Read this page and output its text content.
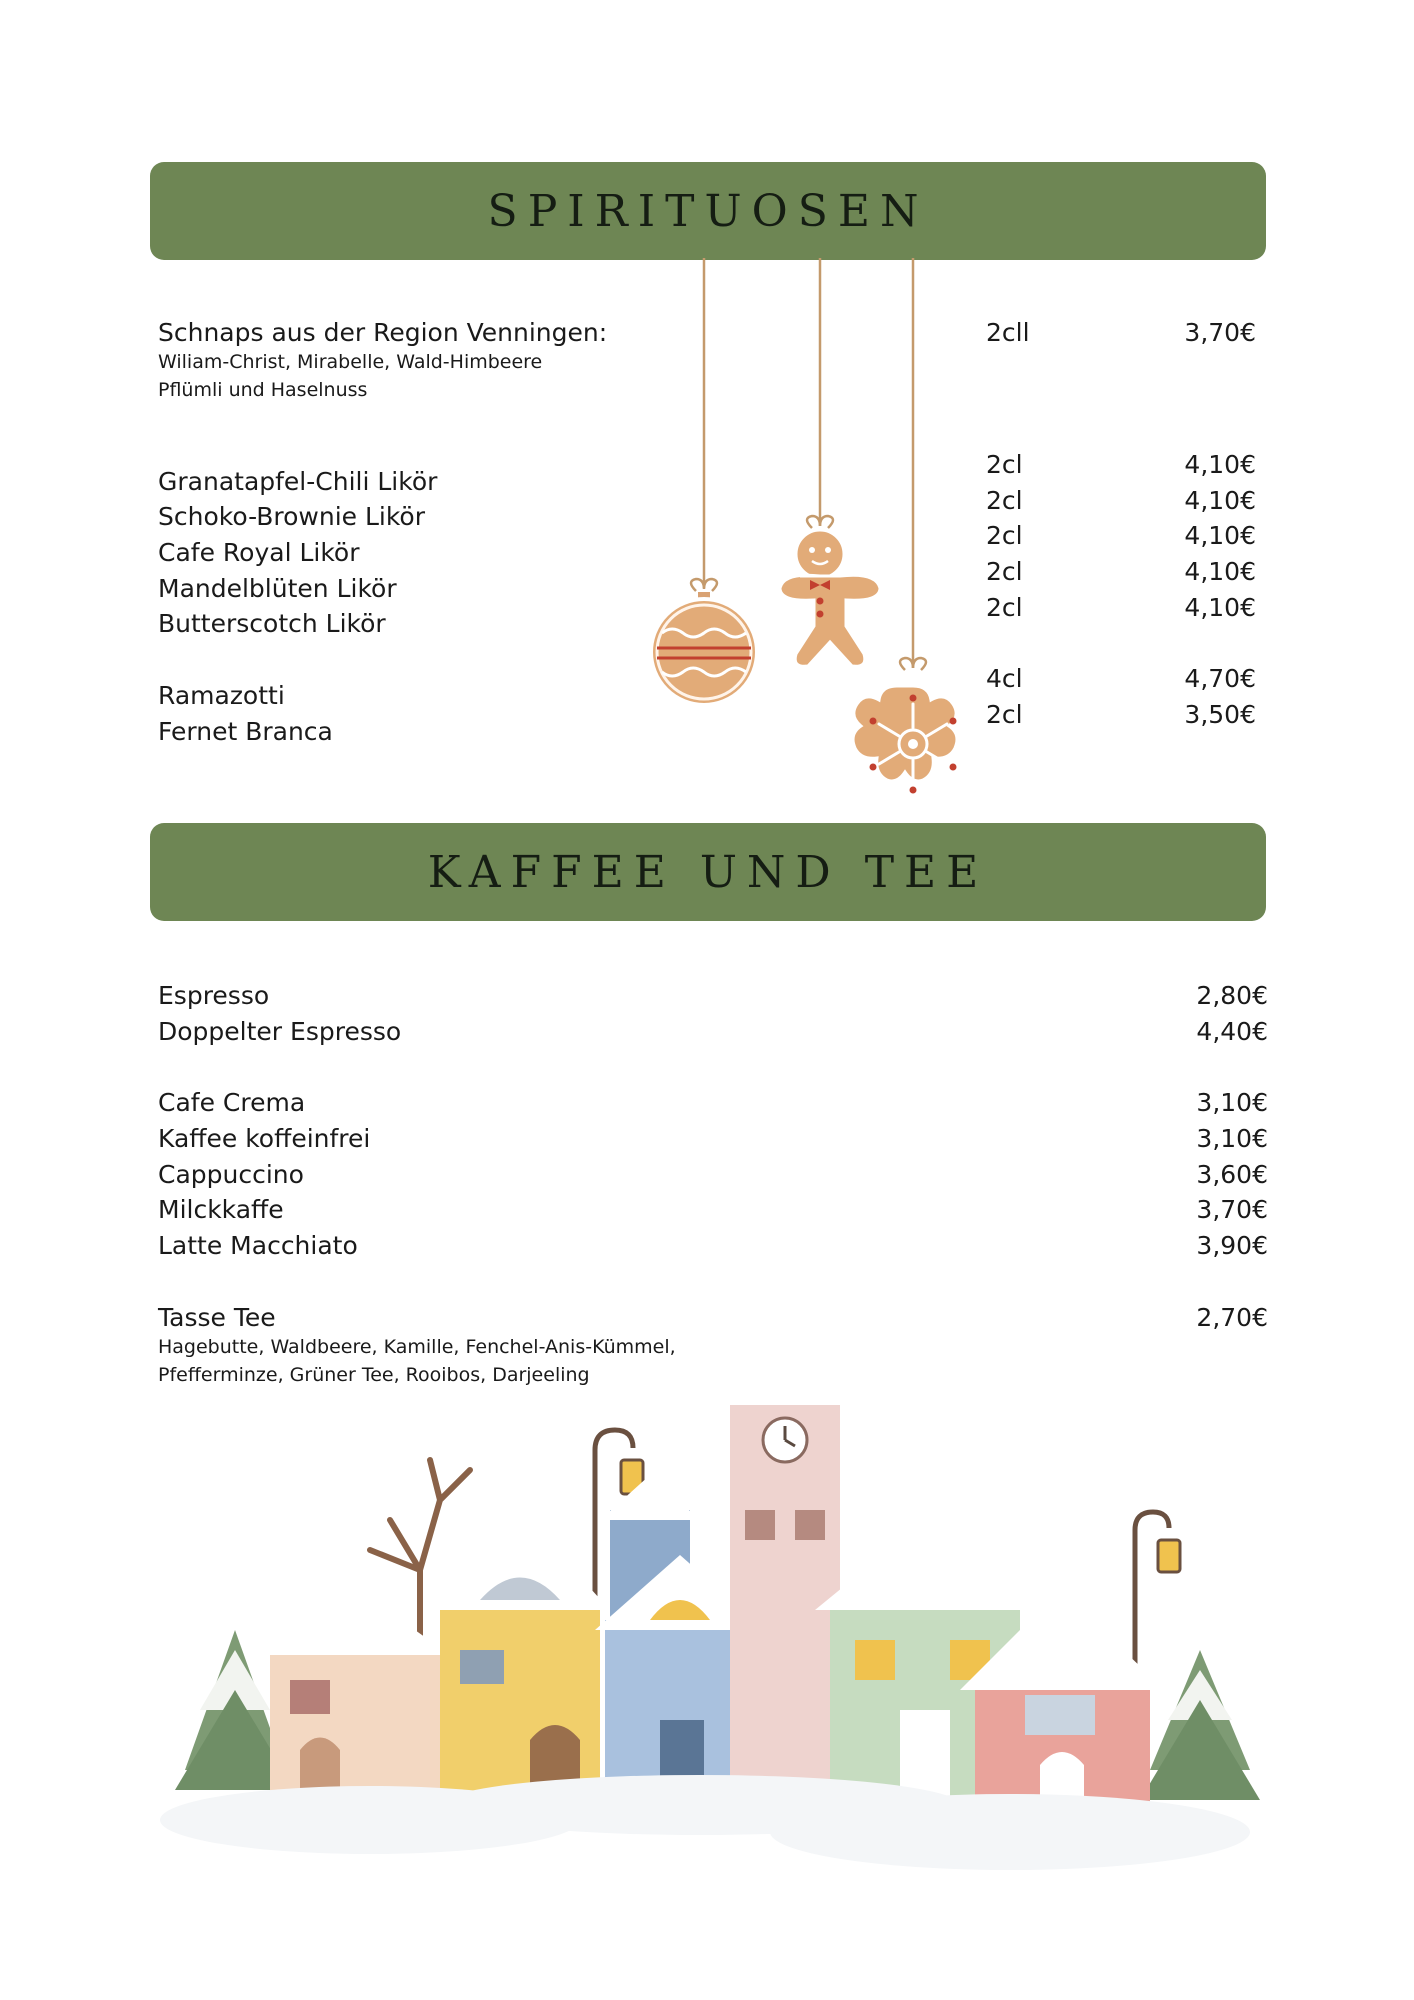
SPIRITUOSEN
Schnaps aus der Region Venningen:
Wiliam-Christ, Mirabelle, Wald-Himbeere
Pflümli und Haselnuss
2cll	3,70€
Granatapfel-Chili Likör
Schoko-Brownie Likör
Cafe Royal Likör
Mandelblüten Likör
Butterscotch Likör
2cl
2cl
2cl
2cl
2cl
4,10€
4,10€
4,10€
4,10€
4,10€
Ramazotti
Fernet Branca
4cl
2cl
4,70€
3,50€
KAFFEE UND TEE
Espresso
Doppelter Espresso
2,80€
4,40€
Cafe Crema
Kaffee koffeinfrei
Cappuccino
Milckkaffe
Latte Macchiato
3,10€
3,10€
3,60€
3,70€
3,90€
Tasse Tee
Hagebutte, Waldbeere, Kamille, Fenchel-Anis-Kümmel,
Pfefferminze, Grüner Tee, Rooibos, Darjeeling
2,70€
